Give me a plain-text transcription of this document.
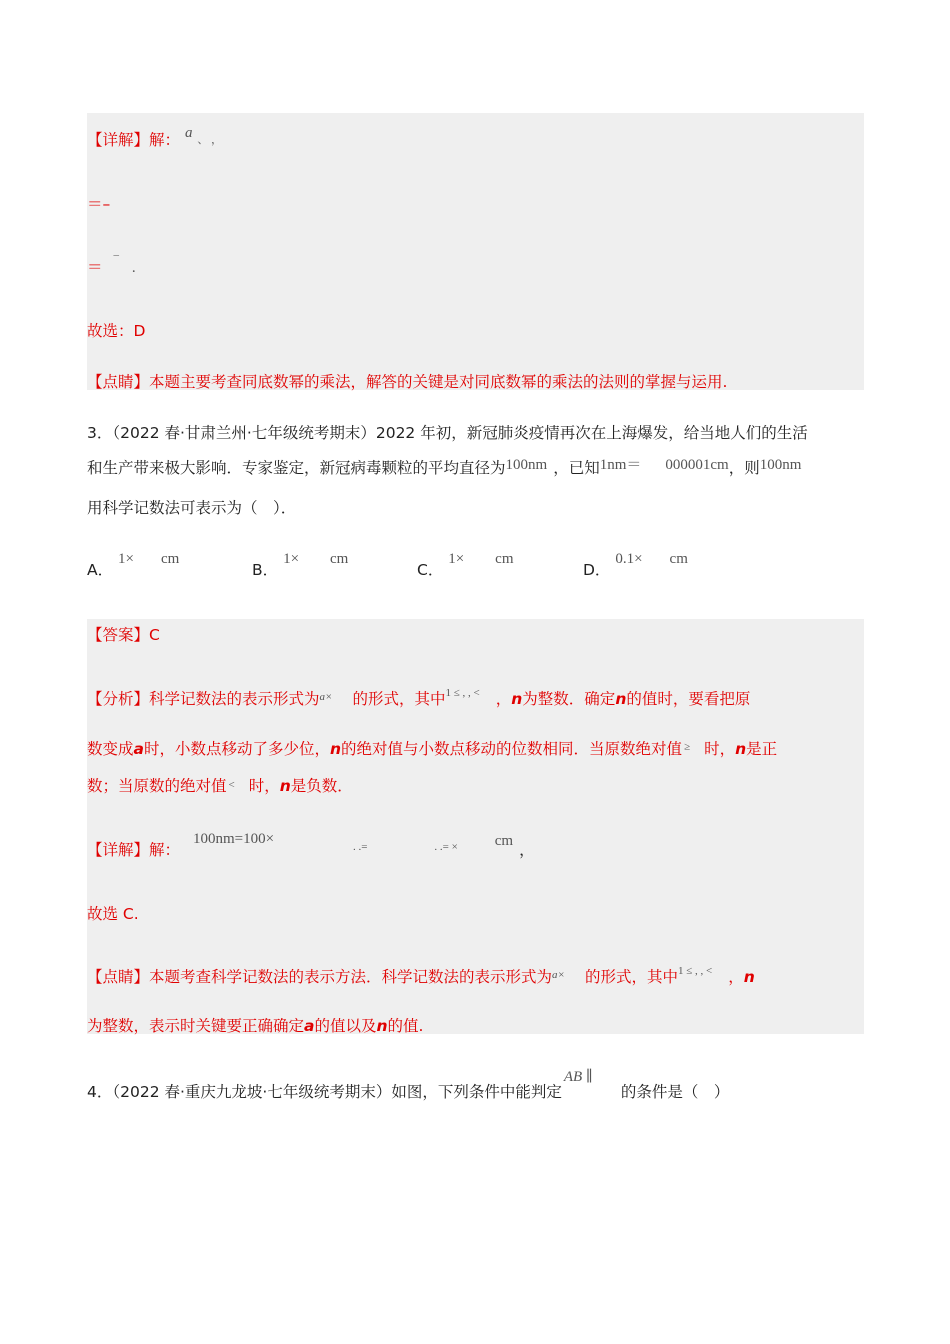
【详解】解： a 、 ，
＝–
＝ – .
故选：D
【点睛】本题主要考查同底数幂的乘法，解答的关键是对同底数幂的乘法的法则的掌握与运用.
3．（2022 春·甘肃兰州·七年级统考期末）2022 年初，新冠肺炎疫情再次在上海爆发，给当地人们的生活
和生产带来极大影响．专家鉴定，新冠病毒颗粒的平均直径为100nm ，已知1nm＝ 000001cm，则100nm
用科学记数法可表示为（　）．
A． 1× cm
B． 1× cm
C． 1× cm
D． 0.1× cm
【答案】C
【分析】科学记数法的表示形式为$^{a\times}$ 的形式，其中$^{1 \le , , <}$ ，n为整数．确定n的值时，要看把原
数变成a时，小数点移动了多少位，n的绝对值与小数点移动的位数相同．当原数绝对值 ≥ 时，n是正
数；当原数的绝对值 < 时，n是负数．
【详解】解： 100nm=100×	. .=	. .= × cm ，
故选 C.
【点睛】本题考查科学记数法的表示方法．科学记数法的表示形式为$^{a\times}$ 的形式，其中$^{1 \le , , <}$ ，n
为整数，表示时关键要正确确定a的值以及n的值.
4．（2022 春·重庆九龙坡·七年级统考期末）如图，下列条件中能判定AB ∥的条件是（　）
